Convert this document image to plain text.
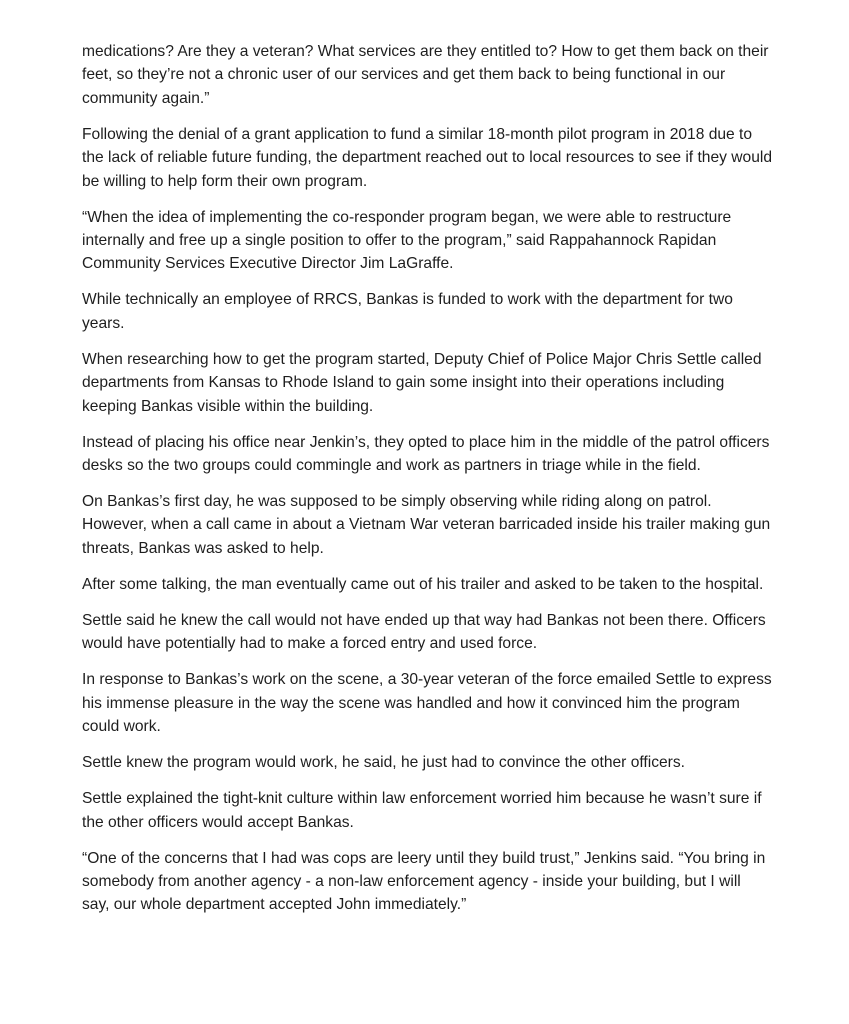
medications? Are they a veteran? What services are they entitled to? How to get them back on their feet, so they’re not a chronic user of our services and get them back to being functional in our community again.”

Following the denial of a grant application to fund a similar 18-month pilot program in 2018 due to the lack of reliable future funding, the department reached out to local resources to see if they would be willing to help form their own program.

“When the idea of implementing the co-responder program began, we were able to restructure internally and free up a single position to offer to the program,” said Rappahannock Rapidan Community Services Executive Director Jim LaGraffe.

While technically an employee of RRCS, Bankas is funded to work with the department for two years.

When researching how to get the program started, Deputy Chief of Police Major Chris Settle called departments from Kansas to Rhode Island to gain some insight into their operations including keeping Bankas visible within the building.

Instead of placing his office near Jenkin’s, they opted to place him in the middle of the patrol officers desks so the two groups could commingle and work as partners in triage while in the field.

On Bankas’s first day, he was supposed to be simply observing while riding along on patrol. However, when a call came in about a Vietnam War veteran barricaded inside his trailer making gun threats, Bankas was asked to help.

After some talking, the man eventually came out of his trailer and asked to be taken to the hospital.

Settle said he knew the call would not have ended up that way had Bankas not been there. Officers would have potentially had to make a forced entry and used force.

In response to Bankas’s work on the scene, a 30-year veteran of the force emailed Settle to express his immense pleasure in the way the scene was handled and how it convinced him the program could work.

Settle knew the program would work, he said, he just had to convince the other officers.

Settle explained the tight-knit culture within law enforcement worried him because he wasn’t sure if the other officers would accept Bankas.

“One of the concerns that I had was cops are leery until they build trust,” Jenkins said. “You bring in somebody from another agency - a non-law enforcement agency - inside your building, but I will say, our whole department accepted John immediately.”
